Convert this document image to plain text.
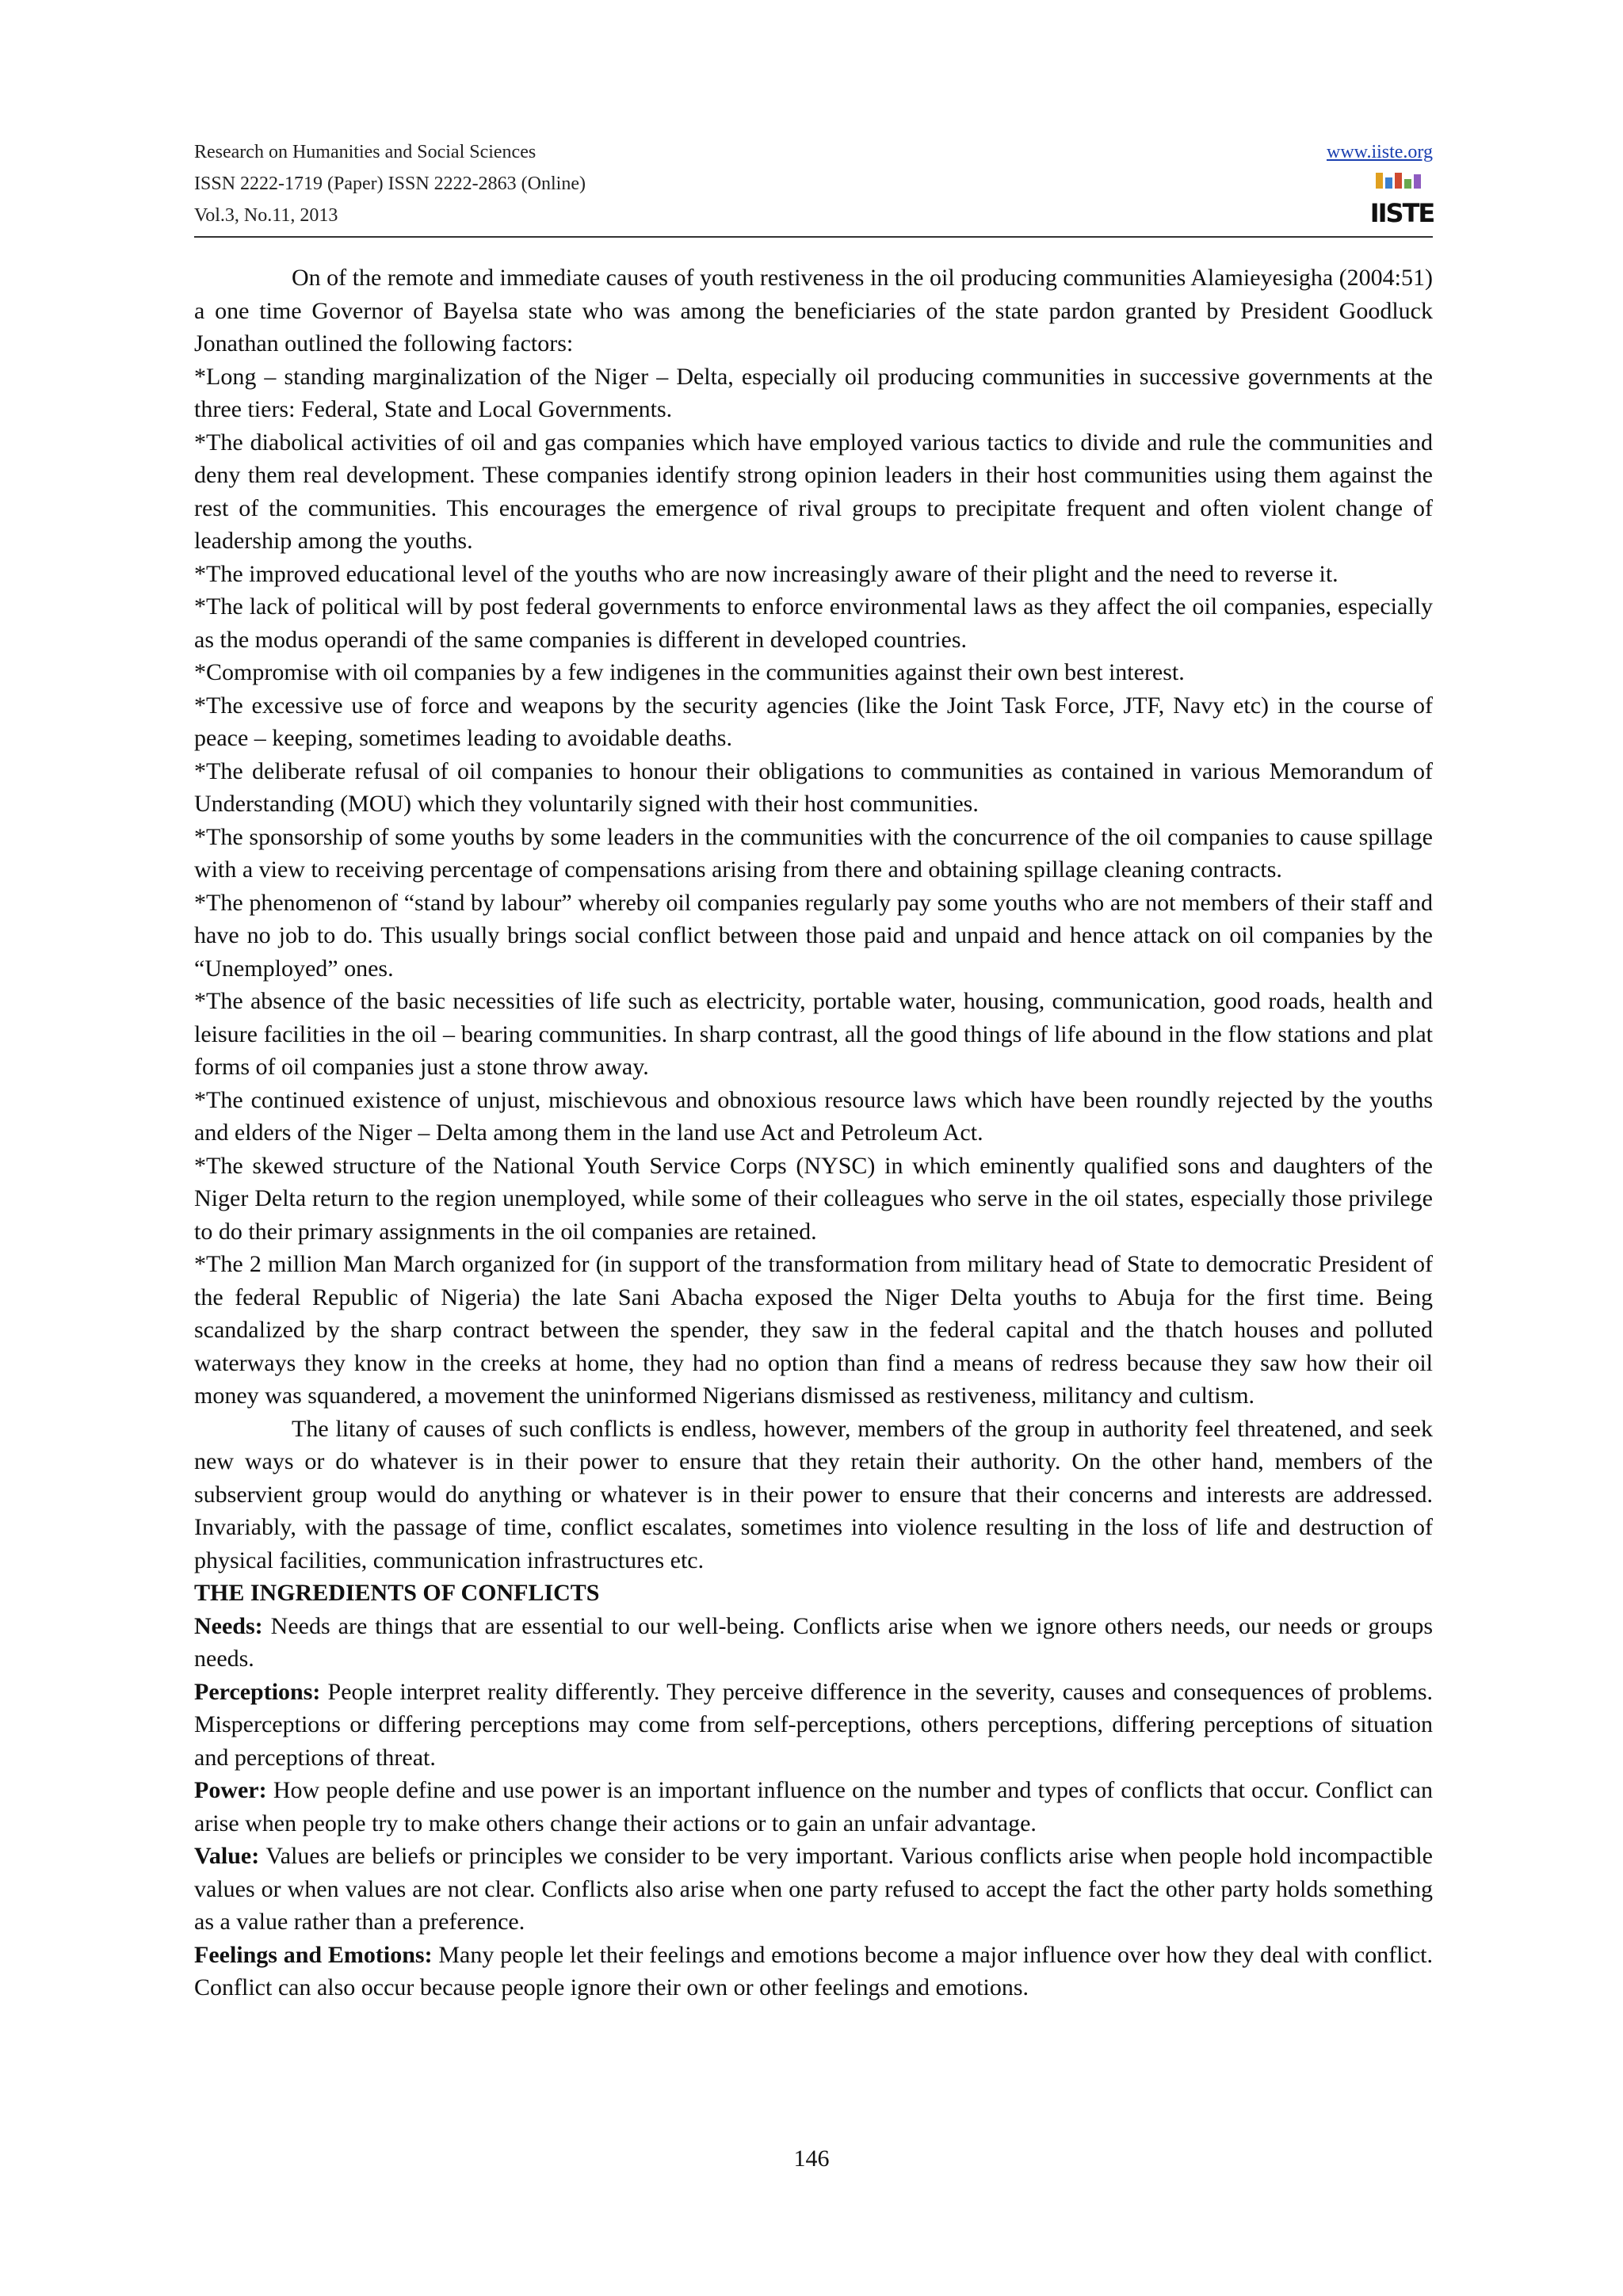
Research on Humanities and Social Sciences
ISSN 2222-1719 (Paper) ISSN 2222-2863 (Online)
Vol.3, No.11, 2013
www.iiste.org
IISTE

On of the remote and immediate causes of youth restiveness in the oil producing communities Alamieyesigha (2004:51) a one time Governor of Bayelsa state who was among the beneficiaries of the state pardon granted by President Goodluck Jonathan outlined the following factors:

*Long – standing marginalization of the Niger – Delta, especially oil producing communities in successive governments at the three tiers: Federal, State and Local Governments.

*The diabolical activities of oil and gas companies which have employed various tactics to divide and rule the communities and deny them real development. These companies identify strong opinion leaders in their host communities using them against the rest of the communities. This encourages the emergence of rival groups to precipitate frequent and often violent change of leadership among the youths.

*The improved educational level of the youths who are now increasingly aware of their plight and the need to reverse it.

*The lack of political will by post federal governments to enforce environmental laws as they affect the oil companies, especially as the modus operandi of the same companies is different in developed countries.

*Compromise with oil companies by a few indigenes in the communities against their own best interest.

*The excessive use of force and weapons by the security agencies (like the Joint Task Force, JTF, Navy etc) in the course of peace – keeping, sometimes leading to avoidable deaths.

*The deliberate refusal of oil companies to honour their obligations to communities as contained in various Memorandum of Understanding (MOU) which they voluntarily signed with their host communities.

*The sponsorship of some youths by some leaders in the communities with the concurrence of the oil companies to cause spillage with a view to receiving percentage of compensations arising from there and obtaining spillage cleaning contracts.

*The phenomenon of “stand by labour” whereby oil companies regularly pay some youths who are not members of their staff and have no job to do. This usually brings social conflict between those paid and unpaid and hence attack on oil companies by the “Unemployed” ones.

*The absence of the basic necessities of life such as electricity, portable water, housing, communication, good roads, health and leisure facilities in the oil – bearing communities. In sharp contrast, all the good things of life abound in the flow stations and plat forms of oil companies just a stone throw away.

*The continued existence of unjust, mischievous and obnoxious resource laws which have been roundly rejected by the youths and elders of the Niger – Delta among them in the land use Act and Petroleum Act.

*The skewed structure of the National Youth Service Corps (NYSC) in which eminently qualified sons and daughters of the Niger Delta return to the region unemployed, while some of their colleagues who serve in the oil states, especially those privilege to do their primary assignments in the oil companies are retained.

*The 2 million Man March organized for (in support of the transformation from military head of State to democratic President of the federal Republic of Nigeria) the late Sani Abacha exposed the Niger Delta youths to Abuja for the first time. Being scandalized by the sharp contract between the spender, they saw in the federal capital and the thatch houses and polluted waterways they know in the creeks at home, they had no option than find a means of redress because they saw how their oil money was squandered, a movement the uninformed Nigerians dismissed as restiveness, militancy and cultism.

The litany of causes of such conflicts is endless, however, members of the group in authority feel threatened, and seek new ways or do whatever is in their power to ensure that they retain their authority. On the other hand, members of the subservient group would do anything or whatever is in their power to ensure that their concerns and interests are addressed. Invariably, with the passage of time, conflict escalates, sometimes into violence resulting in the loss of life and destruction of physical facilities, communication infrastructures etc.

THE INGREDIENTS OF CONFLICTS

Needs: Needs are things that are essential to our well-being. Conflicts arise when we ignore others needs, our needs or groups needs.

Perceptions: People interpret reality differently. They perceive difference in the severity, causes and consequences of problems. Misperceptions or differing perceptions may come from self-perceptions, others perceptions, differing perceptions of situation and perceptions of threat.

Power: How people define and use power is an important influence on the number and types of conflicts that occur. Conflict can arise when people try to make others change their actions or to gain an unfair advantage.

Value: Values are beliefs or principles we consider to be very important. Various conflicts arise when people hold incompactible values or when values are not clear. Conflicts also arise when one party refused to accept the fact the other party holds something as a value rather than a preference.

Feelings and Emotions: Many people let their feelings and emotions become a major influence over how they deal with conflict. Conflict can also occur because people ignore their own or other feelings and emotions.

146
